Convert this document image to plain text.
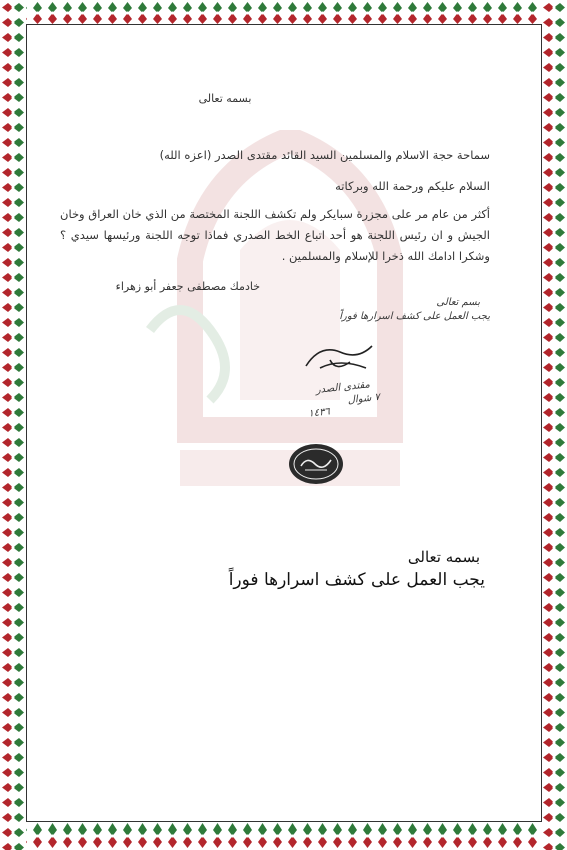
بسمه تعالى
سماحة حجة الاسلام والمسلمين السيد القائد مقتدى الصدر (اعزه الله)
السلام عليكم ورحمة الله وبركاته
أكثر من عام مر على مجزرة سبايكر ولم تكشف اللجنة المختصة من الذي خان العراق وخان الجيش و ان رئيس اللجنة هو أحد اتباع الخط الصدري فماذا توجه اللجنة ورئيسها سيدي ؟وشكرا ادامك الله ذخرا للإسلام والمسلمين .
خادمك مصطفى جعفر أبو زهراء
بسم تعالى
يجب العمل على كشف اسرارها فوراً
مقتدى الصدر
٧ شوال
١٤٣٦
بسمه تعالى
يجب العمل على كشف اسرارها فوراً
